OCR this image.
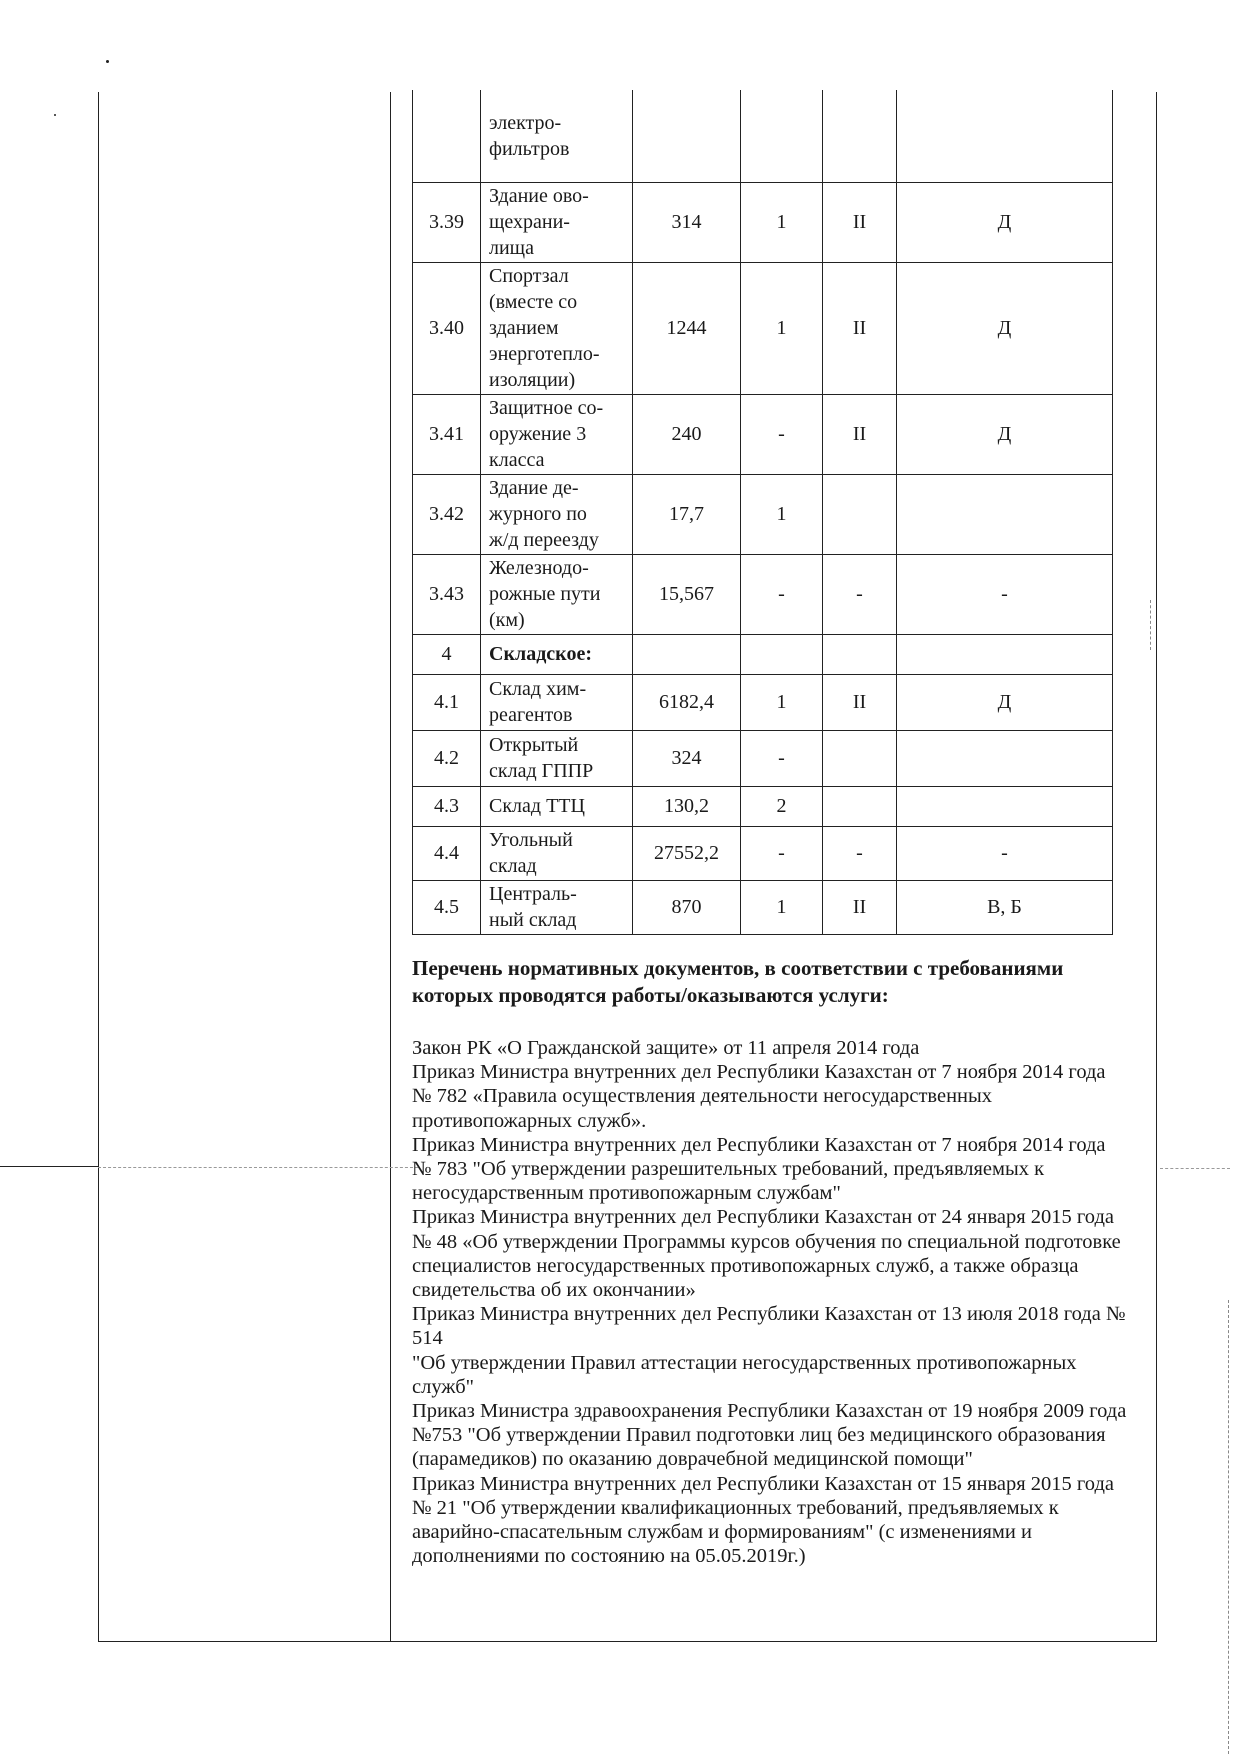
	электро-
фильтров				
3.39	Здание ово-
щехрани-
лища	314	1	II	Д
3.40	Спортзал
(вместе со
зданием
энерготепло-
изоляции)	1244	1	II	Д
3.41	Защитное со-
оружение 3
класса	240	-	II	Д
3.42	Здание де-
журного по
ж/д переезду	17,7	1		
3.43	Железнодо-
рожные пути
(км)	15,567	-	-	-
4	Складское:				
4.1	Склад хим-
реагентов	6182,4	1	II	Д
4.2	Открытый
склад ГППР	324	-		
4.3	Склад ТТЦ	130,2	2		
4.4	Угольный
склад	27552,2	-	-	-
4.5	Централь-
ный склад	870	1	II	В, Б
Перечень нормативных документов, в соответствии с требованиями которых проводятся работы/оказываются услуги:
Закон РК «О Гражданской защите» от 11 апреля 2014 года
Приказ Министра внутренних дел Республики Казахстан от 7 ноября 2014 года № 782 «Правила осуществления деятельности негосударственных противопожарных служб».
Приказ Министра внутренних дел Республики Казахстан от 7 ноября 2014 года № 783 "Об утверждении разрешительных требований, предъявляемых к негосударственным противопожарным службам"
Приказ Министра внутренних дел Республики Казахстан от 24 января 2015 года № 48 «Об утверждении Программы курсов обучения по специальной подготовке специалистов негосударственных противопожарных служб, а также образца свидетельства об их окончании»
Приказ Министра внутренних дел Республики Казахстан от 13 июля 2018 года № 514
"Об утверждении Правил аттестации негосударственных противопожарных служб"
Приказ Министра здравоохранения Республики Казахстан от 19 ноября 2009 года №753 "Об утверждении Правил подготовки лиц без медицинского образования (парамедиков) по оказанию доврачебной медицинской помощи"
Приказ Министра внутренних дел Республики Казахстан от 15 января 2015 года № 21 "Об утверждении квалификационных требований, предъявляемых к аварийно-спасательным службам и формированиям" (с изменениями и дополнениями по состоянию на 05.05.2019г.)
